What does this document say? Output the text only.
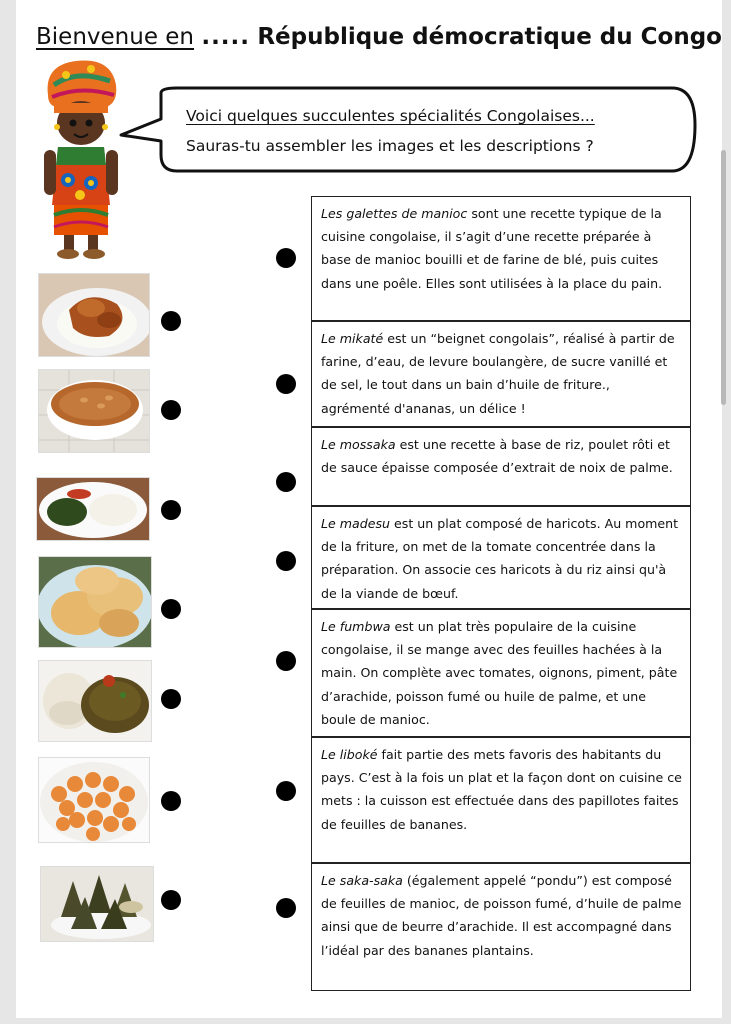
Bienvenue en ..... République démocratique du Congo
Voici quelques succulentes spécialités Congolaises...
Sauras-tu assembler les images et les descriptions ?
Les galettes de manioc sont une recette typique de la cuisine congolaise, il s’agit d’une recette préparée à base de manioc bouilli et de farine de blé, puis cuites dans une poêle. Elles sont utilisées à la place du pain.
Le mikaté est un “beignet congolais”, réalisé à partir de farine, d’eau, de levure boulangère, de sucre vanillé et de sel, le tout dans un bain d’huile de friture., agrémenté d'ananas, un délice !
Le mossaka est une recette à base de riz, poulet rôti et de sauce épaisse composée d’extrait de noix de palme.
Le madesu est un plat composé de haricots. Au moment de la friture, on met de la tomate concentrée dans la préparation. On associe ces haricots à du riz ainsi qu'à de la viande de bœuf.
Le fumbwa est un plat très populaire de la cuisine congolaise, il se mange avec des feuilles hachées à la main. On complète avec tomates, oignons, piment, pâte d’arachide, poisson fumé ou huile de palme, et une boule de manioc.
Le liboké fait partie des mets favoris des habitants du pays. C’est à la fois un plat et la façon dont on cuisine ce mets : la cuisson est effectuée dans des papillotes faites de feuilles de bananes.
Le saka-saka (également appelé “pondu”) est composé de feuilles de manioc, de poisson fumé, d’huile de palme ainsi que de beurre d’arachide. Il est accompagné dans l’idéal par des bananes plantains.
